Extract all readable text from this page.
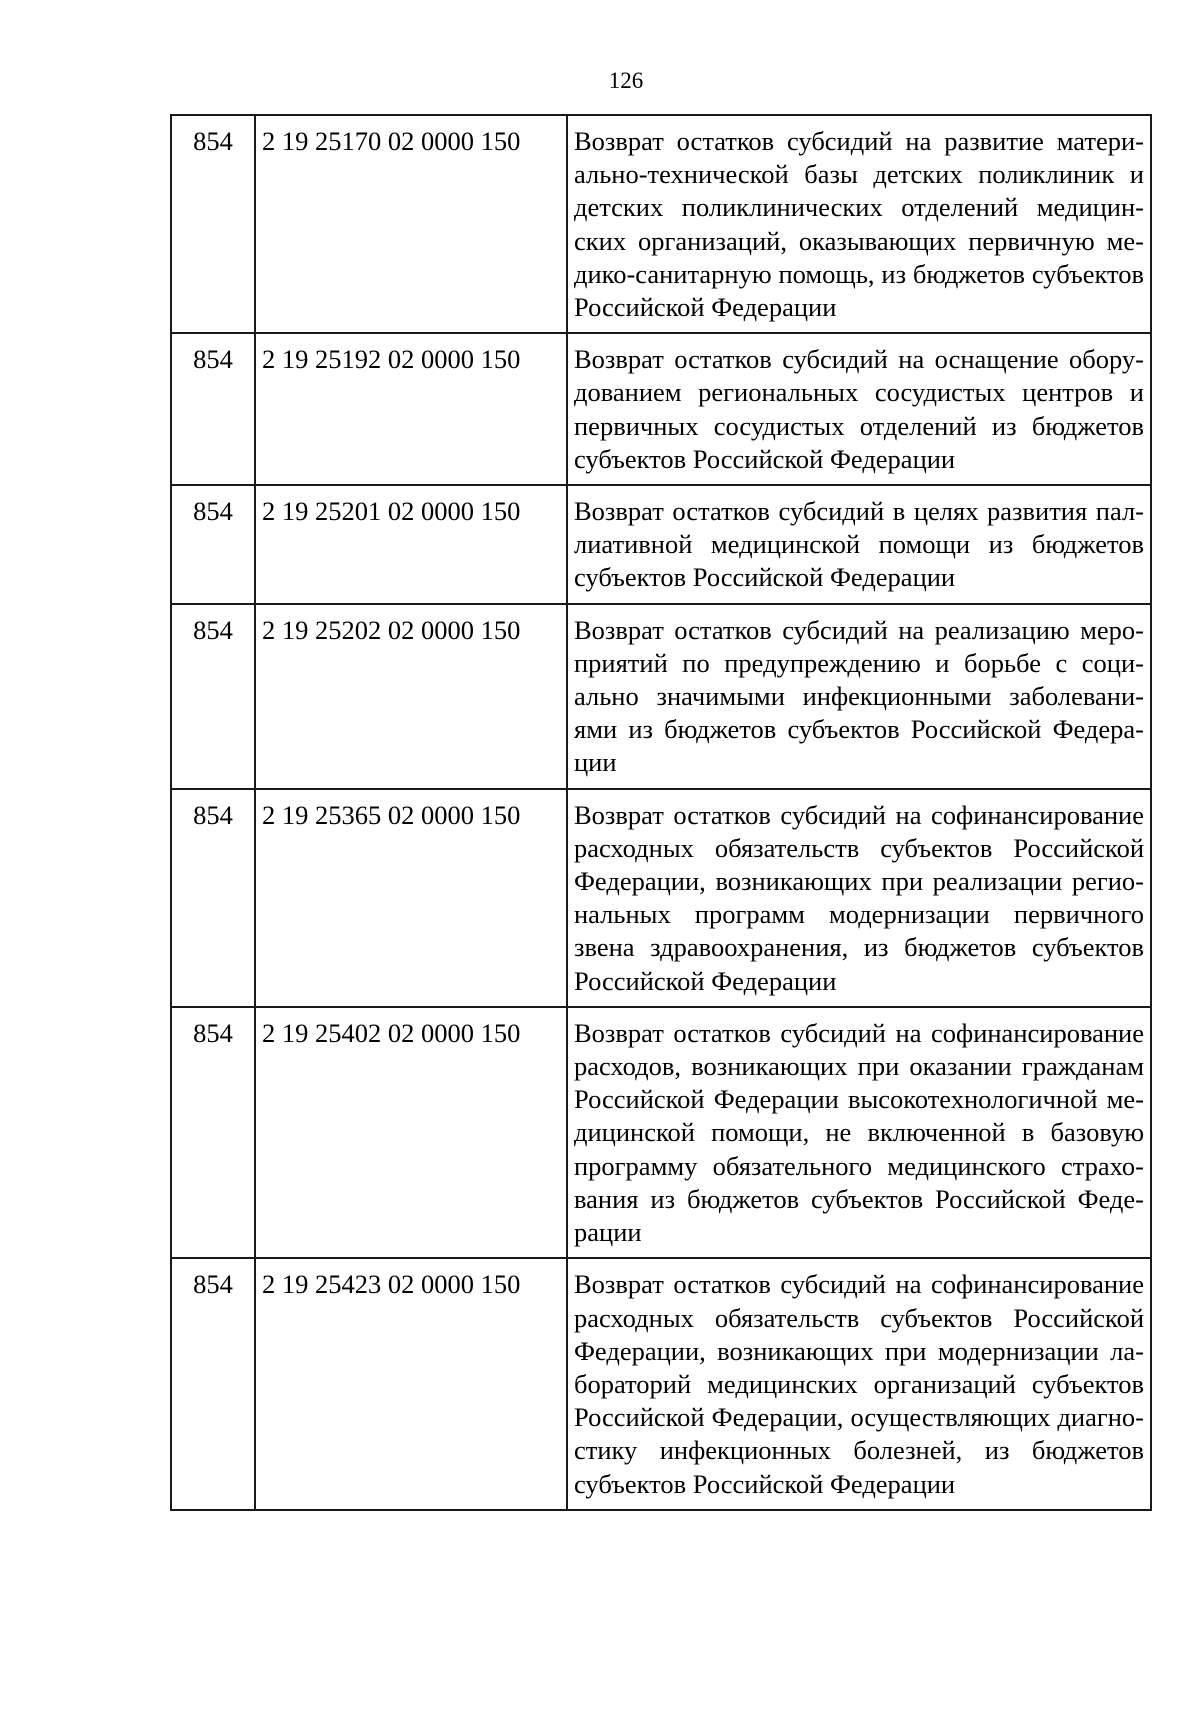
126
854	2 19 25170 02 0000 150	Возврат остатков субсидий на развитие материально-технической базы детских поликлиник и детских поликлинических отделений медицинских организаций, оказывающих первичную медико-санитарную помощь, из бюджетов субъектов Российской Федерации
854	2 19 25192 02 0000 150	Возврат остатков субсидий на оснащение оборудованием региональных сосудистых центров и первичных сосудистых отделений из бюджетов субъектов Российской Федерации
854	2 19 25201 02 0000 150	Возврат остатков субсидий в целях развития паллиативной медицинской помощи из бюджетов субъектов Российской Федерации
854	2 19 25202 02 0000 150	Возврат остатков субсидий на реализацию мероприятий по предупреждению и борьбе с социально значимыми инфекционными заболеваниями из бюджетов субъектов Российской Федерации
854	2 19 25365 02 0000 150	Возврат остатков субсидий на софинансирование расходных обязательств субъектов Российской Федерации, возникающих при реализации региональных программ модернизации первичного звена здравоохранения, из бюджетов субъектов Российской Федерации
854	2 19 25402 02 0000 150	Возврат остатков субсидий на софинансирование расходов, возникающих при оказании гражданам Российской Федерации высокотехнологичной медицинской помощи, не включенной в базовую программу обязательного медицинского страхования из бюджетов субъектов Российской Федерации
854	2 19 25423 02 0000 150	Возврат остатков субсидий на софинансирование расходных обязательств субъектов Российской Федерации, возникающих при модернизации лабораторий медицинских организаций субъектов Российской Федерации, осуществляющих диагностику инфекционных болезней, из бюджетов субъектов Российской Федерации
